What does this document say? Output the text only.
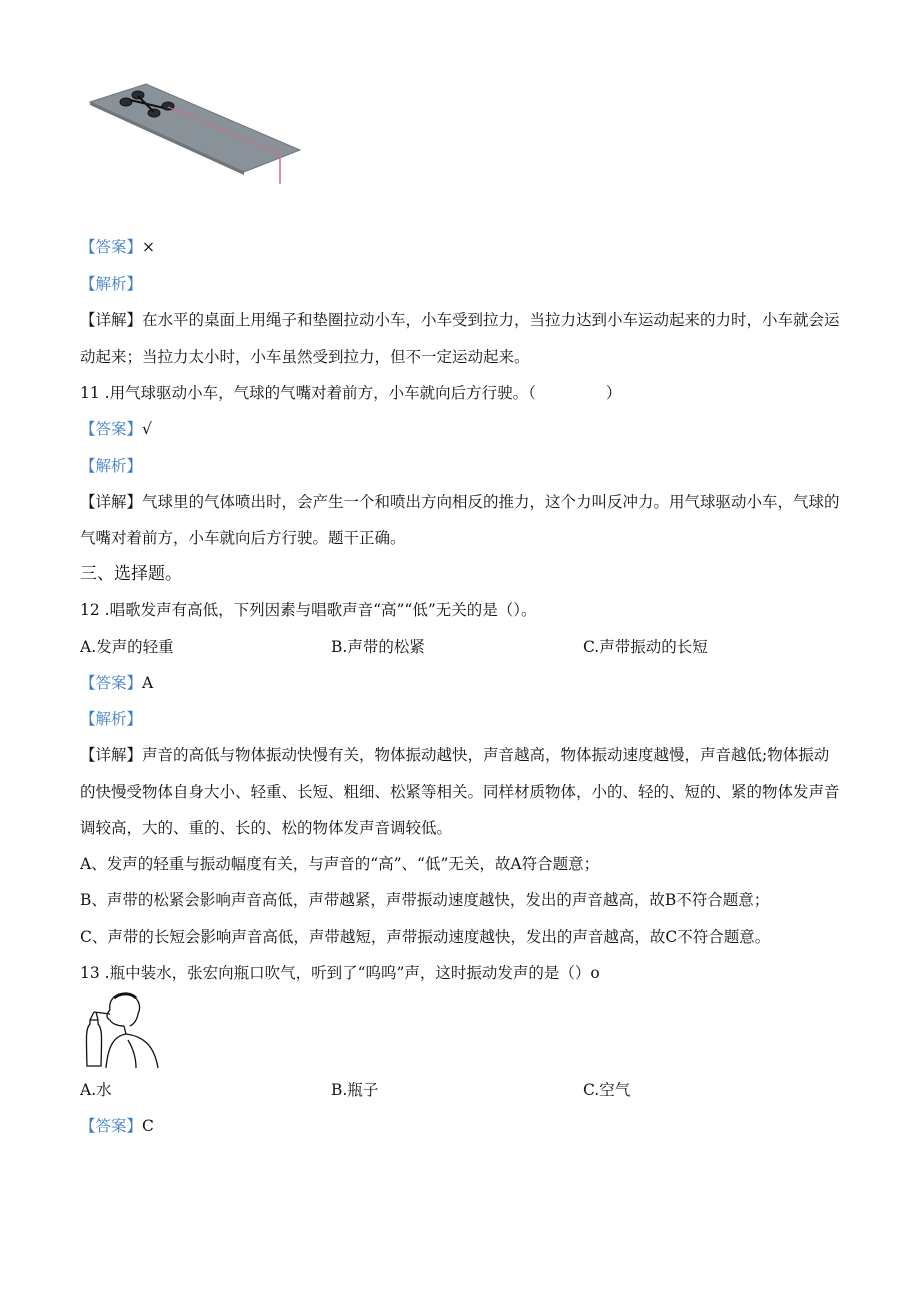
【答案】×
【解析】
【详解】在水平的桌面上用绳子和垫圈拉动小车，小车受到拉力，当拉力达到小车运动起来的力时，小车就会运
动起来；当拉力太小时，小车虽然受到拉力，但不一定运动起来。
11 .用气球驱动小车，气球的气嘴对着前方，小车就向后方行驶。（	）
【答案】√
【解析】
【详解】气球里的气体喷出时，会产生一个和喷出方向相反的推力，这个力叫反冲力。用气球驱动小车，气球的
气嘴对着前方，小车就向后方行驶。题干正确。
三、选择题。
12 .唱歌发声有高低，下列因素与唱歌声音“高”“低”无关的是（）。
A.发声的轻重	B.声带的松紧	C.声带振动的长短
【答案】A
【解析】
【详解】声音的高低与物体振动快慢有关，物体振动越快，声音越高，物体振动速度越慢，声音越低;物体振动
的快慢受物体自身大小、轻重、长短、粗细、松紧等相关。同样材质物体，小的、轻的、短的、紧的物体发声音
调较高，大的、重的、长的、松的物体发声音调较低。
A、发声的轻重与振动幅度有关，与声音的“高”、“低”无关，故A符合题意；
B、声带的松紧会影响声音高低，声带越紧，声带振动速度越快，发出的声音越高，故B不符合题意；
C、声带的长短会影响声音高低，声带越短，声带振动速度越快，发出的声音越高，故C不符合题意。
13 .瓶中装水，张宏向瓶口吹气，听到了“呜呜”声，这时振动发声的是（）o
A.水	B.瓶子	C.空气
【答案】C
